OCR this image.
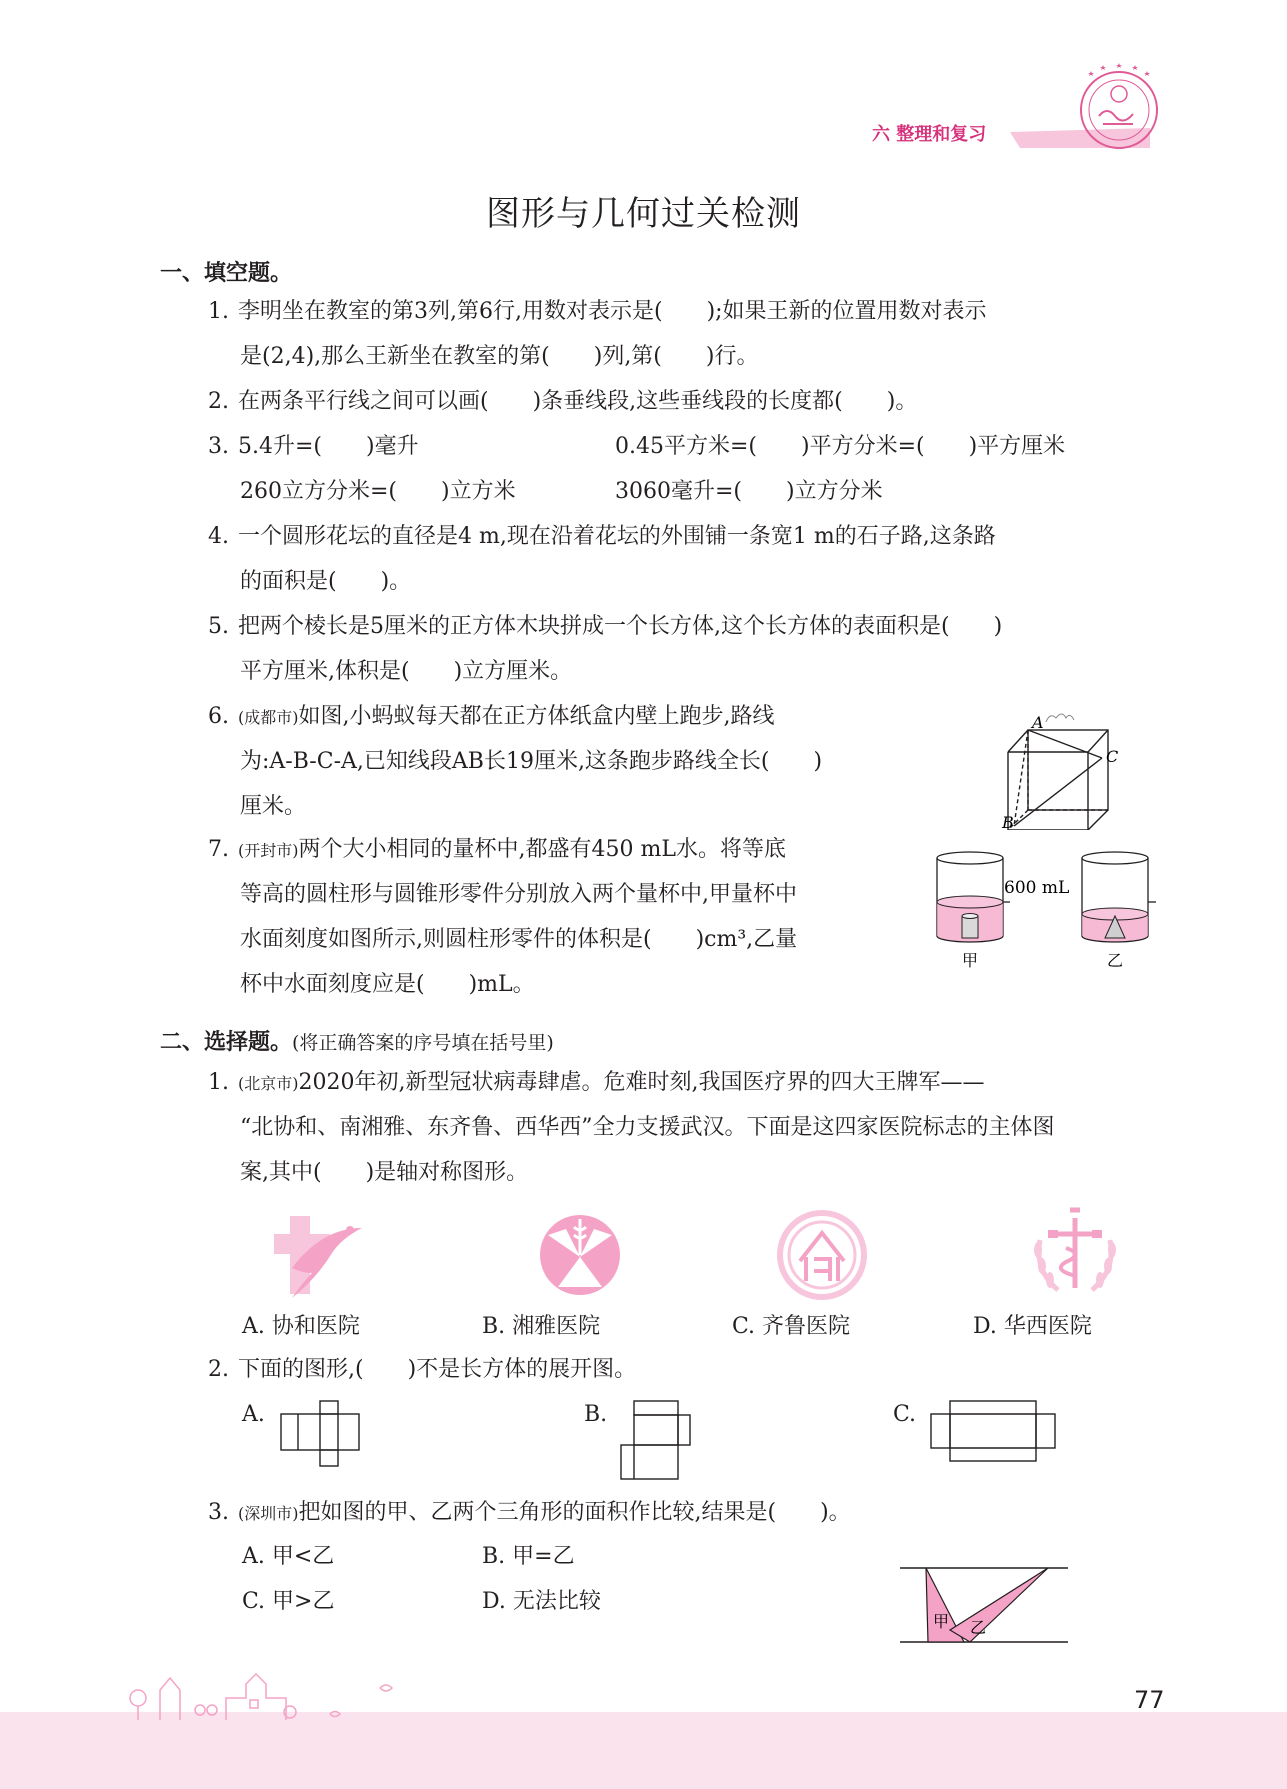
六 整理和复习
图形与几何过关检测
一、填空题。
1. 李明坐在教室的第3列,第6行,用数对表示是(　　);如果王新的位置用数对表示
是(2,4),那么王新坐在教室的第(　　)列,第(　　)行。
2. 在两条平行线之间可以画(　　)条垂线段,这些垂线段的长度都(　　)。
3. 5.4升=(　　)毫升	0.45平方米=(　　)平方分米=(　　)平方厘米
260立方分米=(　　)立方米	3060毫升=(　　)立方分米
4. 一个圆形花坛的直径是4 m,现在沿着花坛的外围铺一条宽1 m的石子路,这条路
的面积是(　　)。
5. 把两个棱长是5厘米的正方体木块拼成一个长方体,这个长方体的表面积是(　　)
平方厘米,体积是(　　)立方厘米。
6. (成都市)如图,小蚂蚁每天都在正方体纸盒内壁上跑步,路线
为:A-B-C-A,已知线段AB长19厘米,这条跑步路线全长(　　)
厘米。
A
B
C
7. (开封市)两个大小相同的量杯中,都盛有450 mL水。将等底
等高的圆柱形与圆锥形零件分别放入两个量杯中,甲量杯中
水面刻度如图所示,则圆柱形零件的体积是(　　)cm³,乙量
杯中水面刻度应是(　　)mL。
600 mL
甲	乙
二、选择题。(将正确答案的序号填在括号里)
1. (北京市)2020年初,新型冠状病毒肆虐。危难时刻,我国医疗界的四大王牌军——
“北协和、南湘雅、东齐鲁、西华西”全力支援武汉。下面是这四家医院标志的主体图
案,其中(　　)是轴对称图形。
A. 协和医院	B. 湘雅医院	C. 齐鲁医院	D. 华西医院
2. 下面的图形,(　　)不是长方体的展开图。
A.	B.	C.
3. (深圳市)把如图的甲、乙两个三角形的面积作比较,结果是(　　)。
A. 甲<乙	B. 甲=乙
C. 甲>乙	D. 无法比较
甲 乙
77
